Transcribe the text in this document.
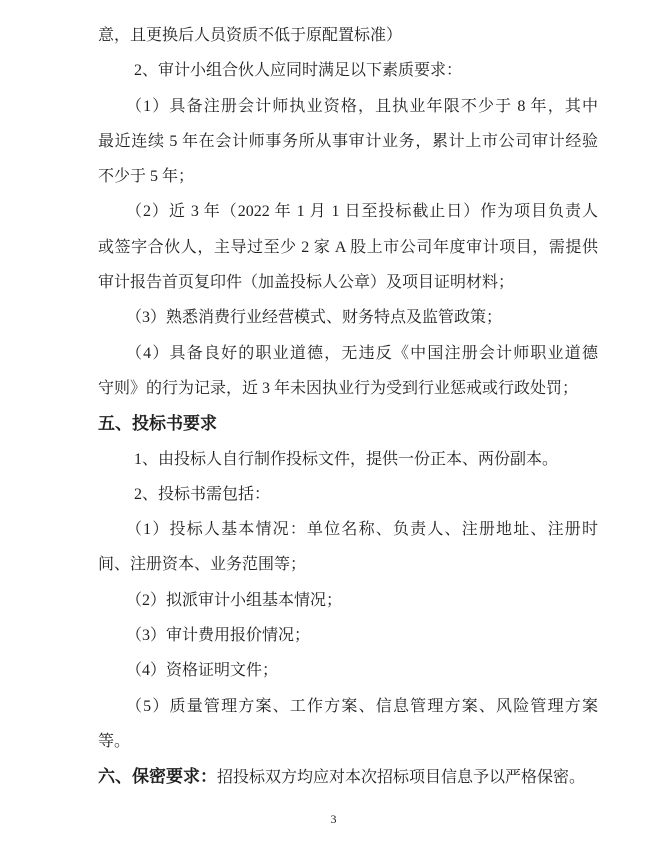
意，且更换后人员资质不低于原配置标准）

2、审计小组合伙人应同时满足以下素质要求：

（1）具备注册会计师执业资格，且执业年限不少于 8 年，其中

最近连续 5 年在会计师事务所从事审计业务，累计上市公司审计经验

不少于 5 年；

（2）近 3 年（2022 年 1 月 1 日至投标截止日）作为项目负责人

或签字合伙人，主导过至少 2 家 A 股上市公司年度审计项目，需提供

审计报告首页复印件（加盖投标人公章）及项目证明材料；

（3）熟悉消费行业经营模式、财务特点及监管政策；

（4）具备良好的职业道德，无违反《中国注册会计师职业道德

守则》的行为记录，近 3 年未因执业行为受到行业惩戒或行政处罚；

五、投标书要求

1、由投标人自行制作投标文件，提供一份正本、两份副本。

2、投标书需包括：

（1）投标人基本情况：单位名称、负责人、注册地址、注册时

间、注册资本、业务范围等；

（2）拟派审计小组基本情况；

（3）审计费用报价情况；

（4）资格证明文件；

（5）质量管理方案、工作方案、信息管理方案、风险管理方案

等。

六、保密要求：招投标双方均应对本次招标项目信息予以严格保密。

3
